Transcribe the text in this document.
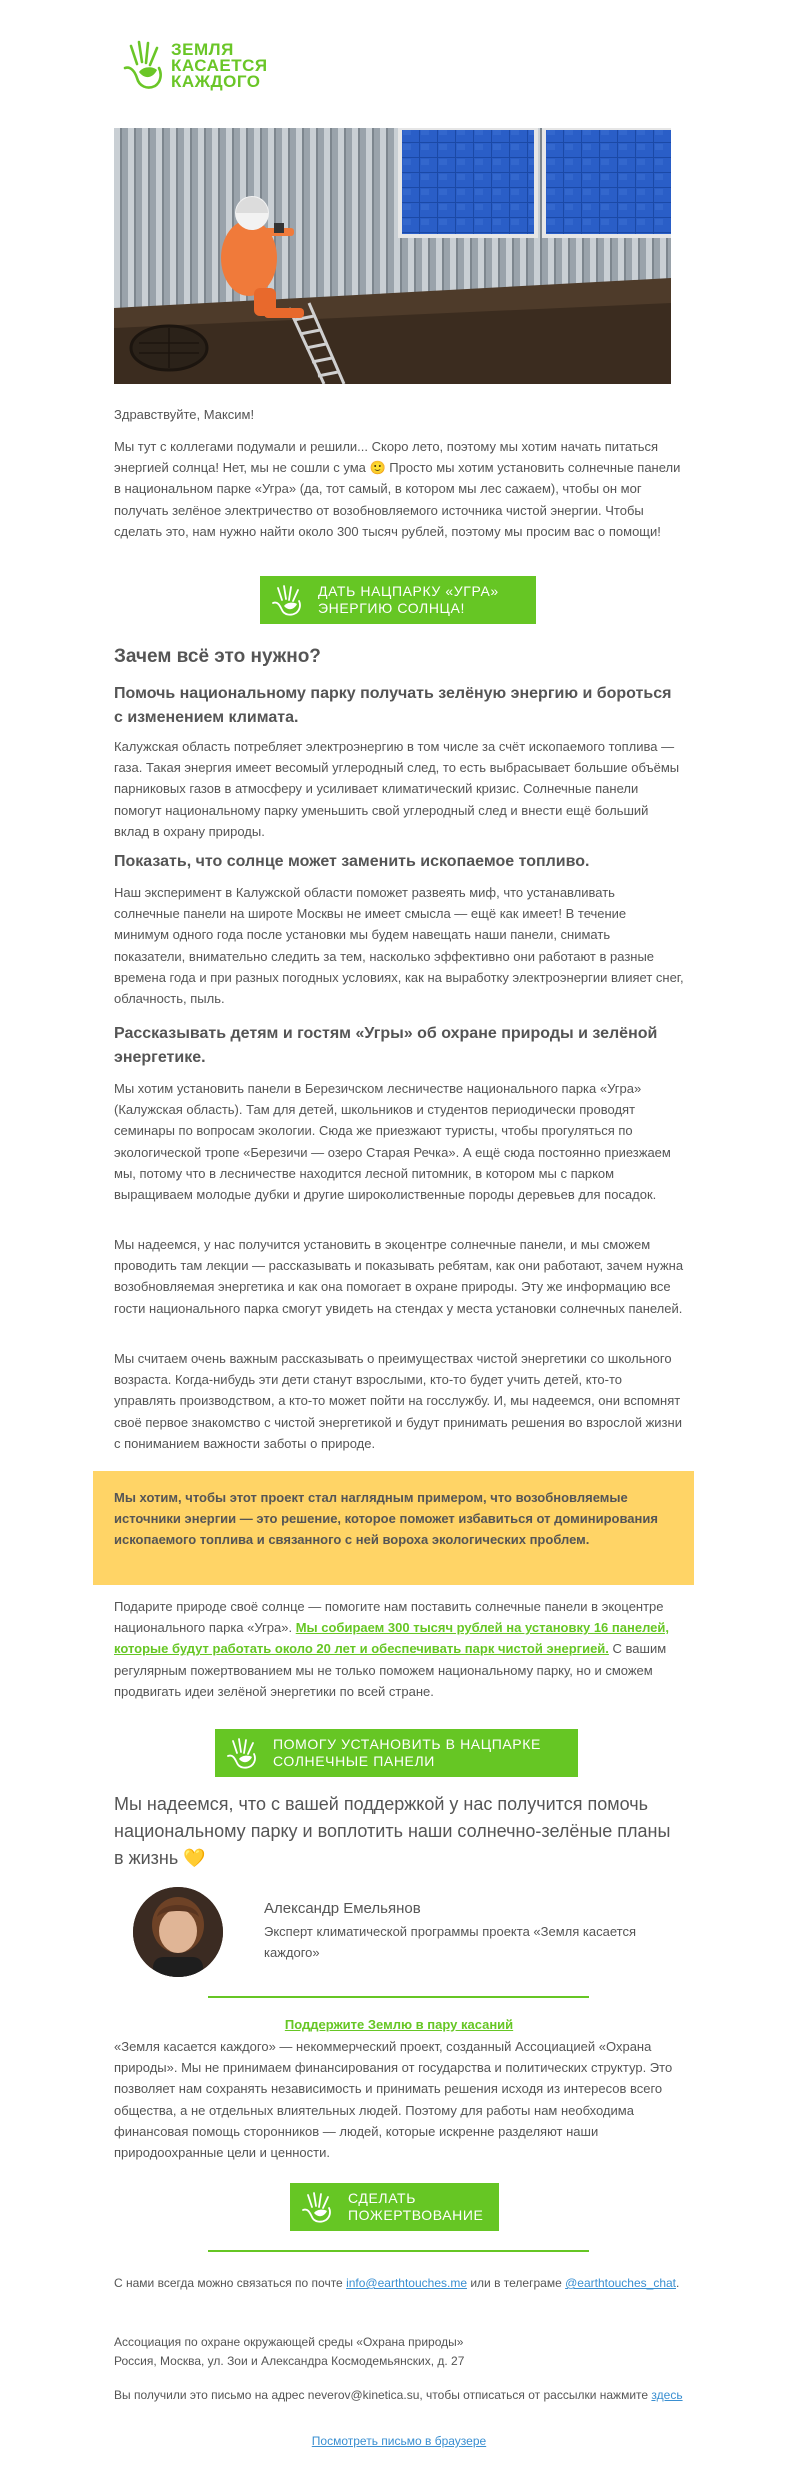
ЗЕМЛЯ
КАСАЕТСЯ
КАЖДОГО

Здравствуйте, Максим!

Мы тут с коллегами подумали и решили... Скоро лето, поэтому мы хотим начать питаться энергией солнца! Нет, мы не сошли с ума 🙂 Просто мы хотим установить солнечные панели в национальном парке «Угра» (да, тот самый, в котором мы лес сажаем), чтобы он мог получать зелёное электричество от возобновляемого источника чистой энергии. Чтобы сделать это, нам нужно найти около 300 тысяч рублей, поэтому мы просим вас о помощи!

ДАТЬ НАЦПАРКУ «УГРА»
ЭНЕРГИЮ СОЛНЦА!
Зачем всё это нужно?
Помочь национальному парку получать зелёную энергию и бороться с изменением климата.

Калужская область потребляет электроэнергию в том числе за счёт ископаемого топлива — газа. Такая энергия имеет весомый углеродный след, то есть выбрасывает большие объёмы парниковых газов в атмосферу и усиливает климатический кризис. Солнечные панели помогут национальному парку уменьшить свой углеродный след и внести ещё больший вклад в охрану природы.

Показать, что солнце может заменить ископаемое топливо.

Наш эксперимент в Калужской области поможет развеять миф, что устанавливать солнечные панели на широте Москвы не имеет смысла — ещё как имеет! В течение минимум одного года после установки мы будем навещать наши панели, снимать показатели, внимательно следить за тем, насколько эффективно они работают в разные времена года и при разных погодных условиях, как на выработку электроэнергии влияет снег, облачность, пыль.

Рассказывать детям и гостям «Угры» об охране природы и зелёной энергетике.

Мы хотим установить панели в Березичском лесничестве национального парка «Угра» (Калужская область). Там для детей, школьников и студентов периодически проводят семинары по вопросам экологии. Сюда же приезжают туристы, чтобы прогуляться по экологической тропе «Березичи — озеро Старая Речка». А ещё сюда постоянно приезжаем мы, потому что в лесничестве находится лесной питомник, в котором мы с парком выращиваем молодые дубки и другие широколиственные породы деревьев для посадок.

Мы надеемся, у нас получится установить в экоцентре солнечные панели, и мы сможем проводить там лекции — рассказывать и показывать ребятам, как они работают, зачем нужна возобновляемая энергетика и как она помогает в охране природы. Эту же информацию все гости национального парка смогут увидеть на стендах у места установки солнечных панелей.

Мы считаем очень важным рассказывать о преимуществах чистой энергетики со школьного возраста. Когда-нибудь эти дети станут взрослыми, кто-то будет учить детей, кто-то управлять производством, а кто-то может пойти на госслужбу. И, мы надеемся, они вспомнят своё первое знакомство с чистой энергетикой и будут принимать решения во взрослой жизни с пониманием важности заботы о природе.

Мы хотим, чтобы этот проект стал наглядным примером, что возобновляемые источники энергии — это решение, которое поможет избавиться от доминирования ископаемого топлива и связанного с ней вороха экологических проблем.

Подарите природе своё солнце — помогите нам поставить солнечные панели в экоцентре национального парка «Угра». Мы собираем 300 тысяч рублей на установку 16 панелей, которые будут работать около 20 лет и обеспечивать парк чистой энергией. С вашим регулярным пожертвованием мы не только поможем национальному парку, но и сможем продвигать идеи зелёной энергетики по всей стране.

ПОМОГУ УСТАНОВИТЬ В НАЦПАРКЕ
СОЛНЕЧНЫЕ ПАНЕЛИ

Мы надеемся, что с вашей поддержкой у нас получится помочь национальному парку и воплотить наши солнечно-зелёные планы в жизнь 💛

Александр Емельянов

Эксперт климатической программы проекта «Земля касается каждого»

Поддержите Землю в пару касаний

«Земля касается каждого» — некоммерческий проект, созданный Ассоциацией «Охрана природы». Мы не принимаем финансирования от государства и политических структур. Это позволяет нам сохранять независимость и принимать решения исходя из интересов всего общества, а не отдельных влиятельных людей. Поэтому для работы нам необходима финансовая помощь сторонников — людей, которые искренне разделяют наши природоохранные цели и ценности.

СДЕЛАТЬ
ПОЖЕРТВОВАНИЕ

С нами всегда можно связаться по почте info@earthtouches.me или в телеграме @earthtouches_chat.

Ассоциация по охране окружающей среды «Охрана природы»

Россия, Москва, ул. Зои и Александра Космодемьянских, д. 27

Вы получили это письмо на адрес neverov@kinetica.su, чтобы отписаться от рассылки нажмите здесь

Посмотреть письмо в браузере
